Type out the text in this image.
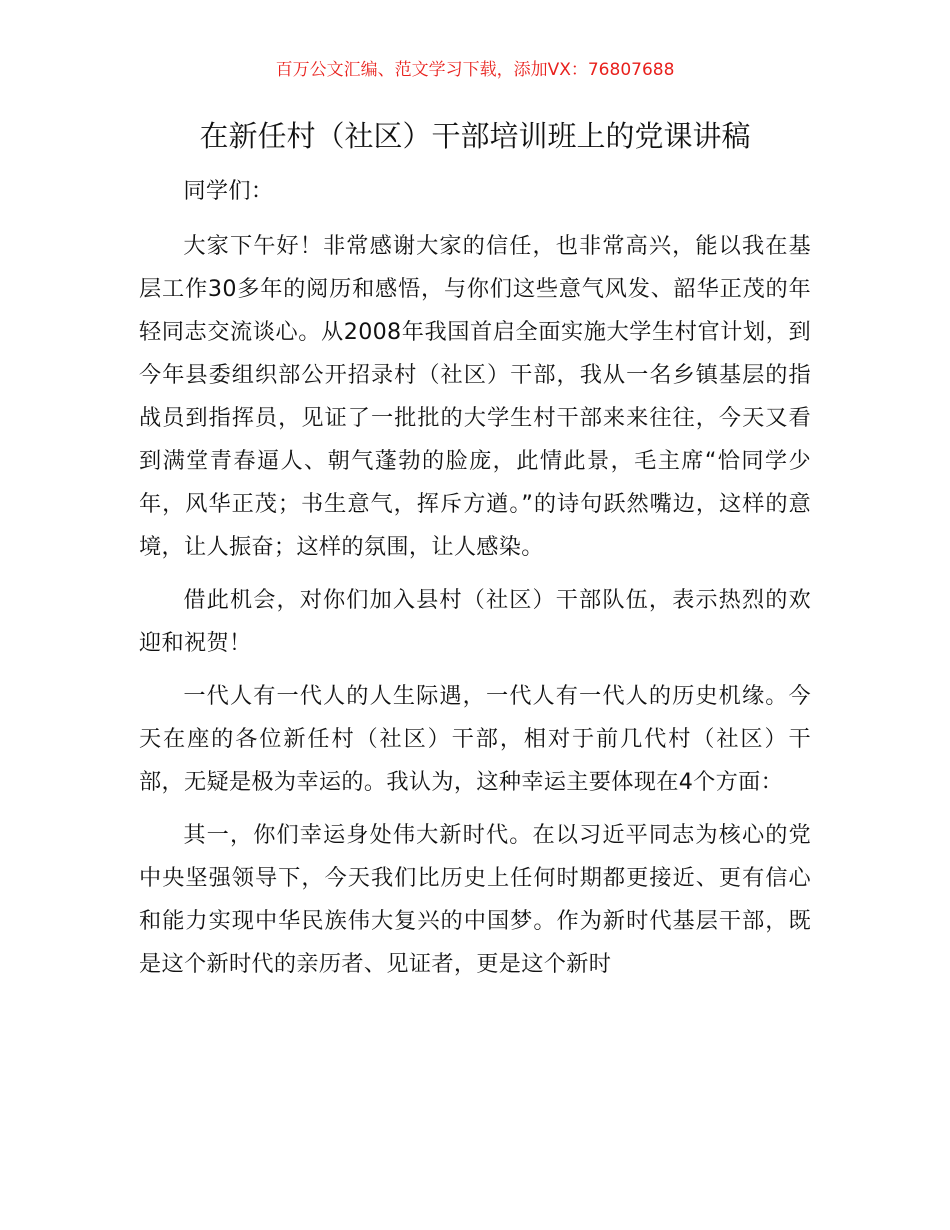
百万公文汇编、范文学习下载，添加VX：76807688
在新任村（社区）干部培训班上的党课讲稿

同学们：

大家下午好！非常感谢大家的信任，也非常高兴，能以我在基层工作30多年的阅历和感悟，与你们这些意气风发、韶华正茂的年轻同志交流谈心。从2008年我国首启全面实施大学生村官计划，到今年县委组织部公开招录村（社区）干部，我从一名乡镇基层的指战员到指挥员，见证了一批批的大学生村干部来来往往，今天又看到满堂青春逼人、朝气蓬勃的脸庞，此情此景，毛主席“恰同学少年，风华正茂；书生意气，挥斥方遒。”的诗句跃然嘴边，这样的意境，让人振奋；这样的氛围，让人感染。

借此机会，对你们加入县村（社区）干部队伍，表示热烈的欢迎和祝贺！

一代人有一代人的人生际遇，一代人有一代人的历史机缘。今天在座的各位新任村（社区）干部，相对于前几代村（社区）干部，无疑是极为幸运的。我认为，这种幸运主要体现在4个方面：

其一，你们幸运身处伟大新时代。在以习近平同志为核心的党中央坚强领导下，今天我们比历史上任何时期都更接近、更有信心和能力实现中华民族伟大复兴的中国梦。作为新时代基层干部，既是这个新时代的亲历者、见证者，更是这个新时
